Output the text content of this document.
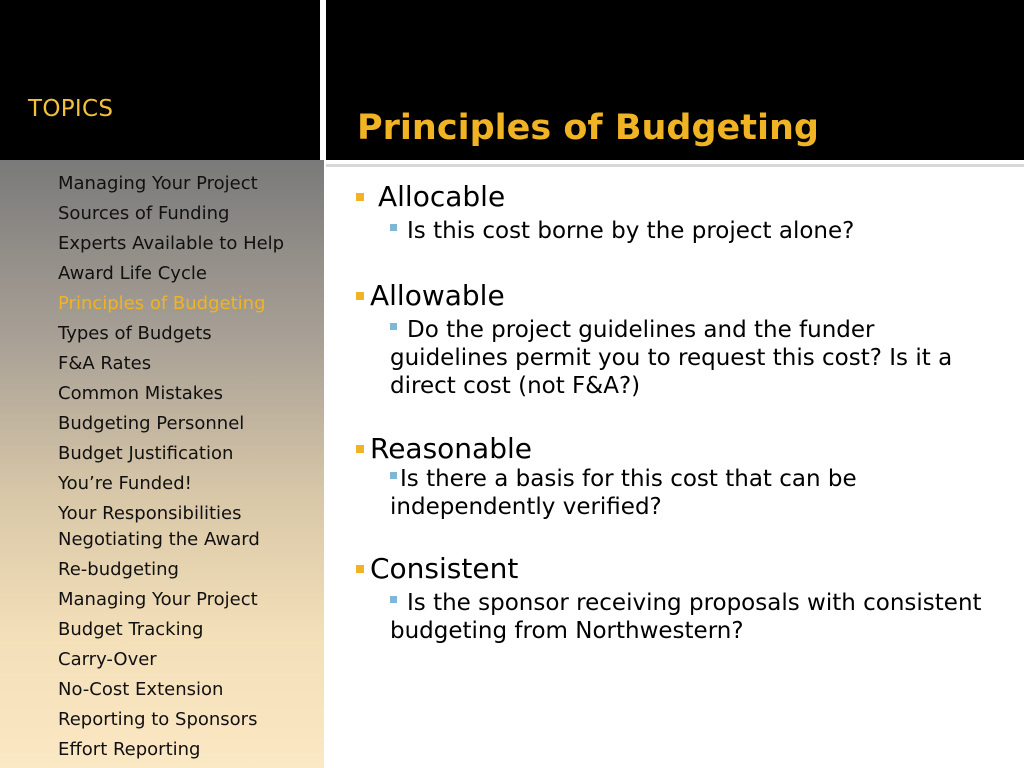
TOPICS	Principles of Budgeting
Managing Your Project
Sources of Funding
Experts Available to Help
Award Life Cycle
Principles of Budgeting
Types of Budgets
F&A Rates
Common Mistakes
Budgeting Personnel
Budget Justification
You’re Funded!
Your Responsibilities
Negotiating the Award
Re-budgeting
Managing Your Project
Budget Tracking
Carry-Over
No-Cost Extension
Reporting to Sponsors
Effort Reporting
Allocable
Is this cost borne by the project alone?
Allowable
Do the project guidelines and the funder guidelines permit you to request this cost? Is it a direct cost (not F&A?)
Reasonable
Is there a basis for this cost that can be independently verified?
Consistent
Is the sponsor receiving proposals with consistent budgeting from Northwestern?
